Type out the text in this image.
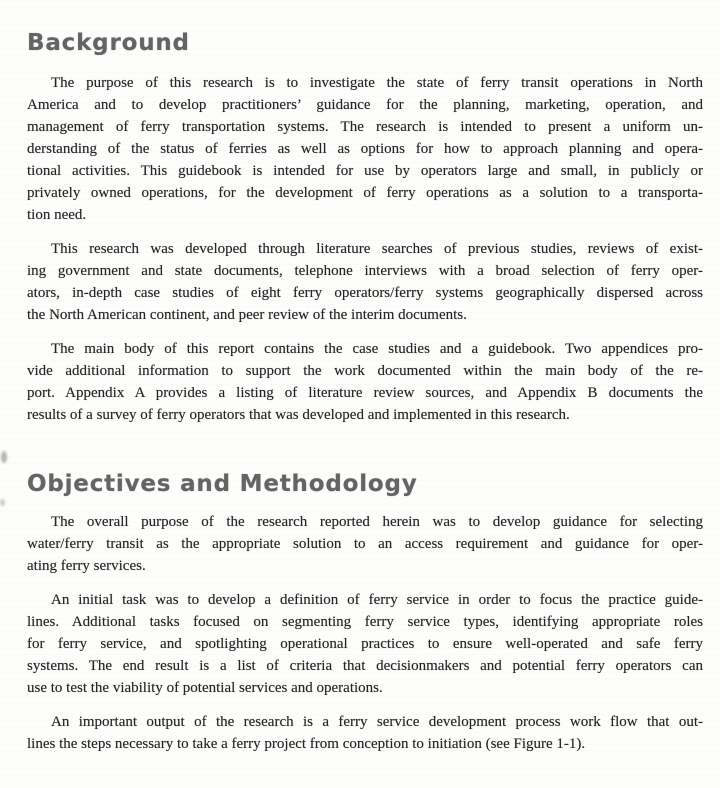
Background
The purpose of this research is to investigate the state of ferry transit operations in North
America and to develop practitioners’ guidance for the planning, marketing, operation, and
management of ferry transportation systems. The research is intended to present a uniform un-
derstanding of the status of ferries as well as options for how to approach planning and opera-
tional activities. This guidebook is intended for use by operators large and small, in publicly or
privately owned operations, for the development of ferry operations as a solution to a transporta-
tion need.
This research was developed through literature searches of previous studies, reviews of exist-
ing government and state documents, telephone interviews with a broad selection of ferry oper-
ators, in-depth case studies of eight ferry operators/ferry systems geographically dispersed across
the North American continent, and peer review of the interim documents.
The main body of this report contains the case studies and a guidebook. Two appendices pro-
vide additional information to support the work documented within the main body of the re-
port. Appendix A provides a listing of literature review sources, and Appendix B documents the
results of a survey of ferry operators that was developed and implemented in this research.
Objectives and Methodology
The overall purpose of the research reported herein was to develop guidance for selecting
water/ferry transit as the appropriate solution to an access requirement and guidance for oper-
ating ferry services.
An initial task was to develop a definition of ferry service in order to focus the practice guide-
lines. Additional tasks focused on segmenting ferry service types, identifying appropriate roles
for ferry service, and spotlighting operational practices to ensure well-operated and safe ferry
systems. The end result is a list of criteria that decisionmakers and potential ferry operators can
use to test the viability of potential services and operations.
An important output of the research is a ferry service development process work flow that out-
lines the steps necessary to take a ferry project from conception to initiation (see Figure 1-1).
